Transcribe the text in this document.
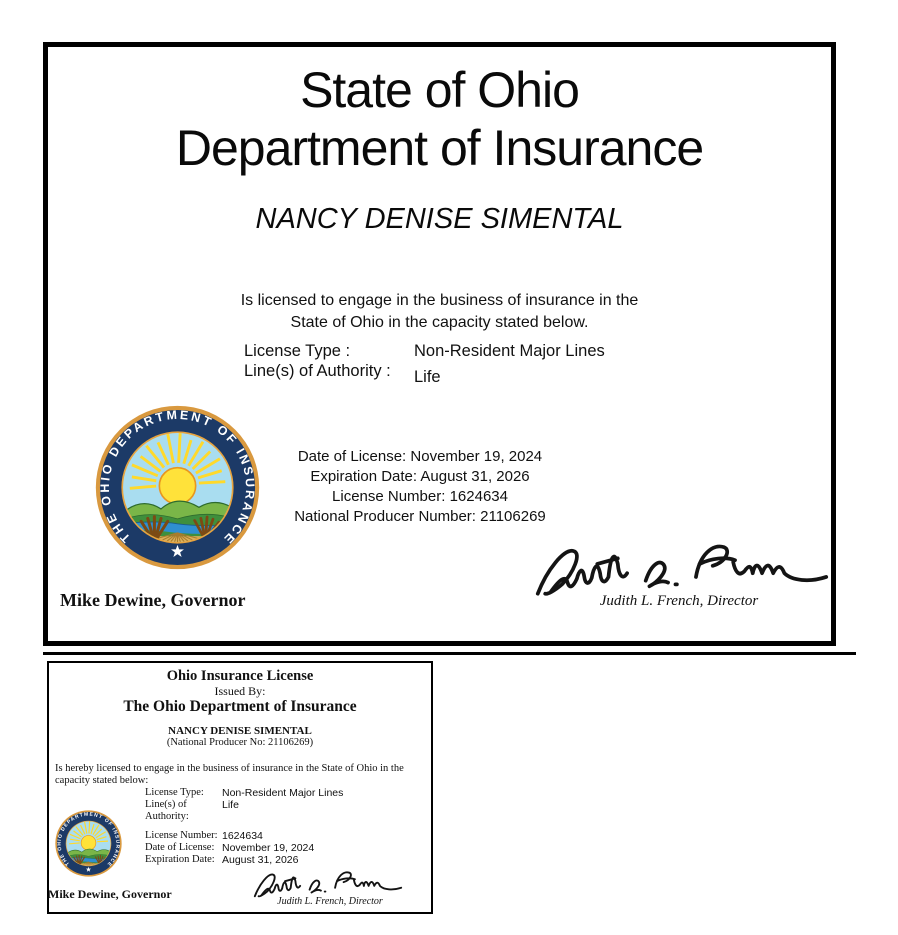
State of Ohio
Department of Insurance
NANCY DENISE SIMENTAL
Is licensed to engage in the business of insurance in the
State of Ohio in the capacity stated below.
License Type :	Non-Resident Major Lines
Line(s) of Authority :	Life
Date of License: November 19, 2024
Expiration Date: August 31, 2026
License Number: 1624634
National Producer Number: 21106269
Judith L. French, Director
Mike Dewine, Governor
Ohio Insurance License
Issued By:
The Ohio Department of Insurance
NANCY DENISE SIMENTAL
(National Producer No: 21106269)
Is hereby licensed to engage in the business of insurance in the State of Ohio in the capacity stated below:
License Type:	Non-Resident Major Lines
Line(s) of Authority:
Life
License Number: 1624634
Date of License: November 19, 2024
Expiration Date: August 31, 2026
Judith L. French, Director
Mike Dewine, Governor
